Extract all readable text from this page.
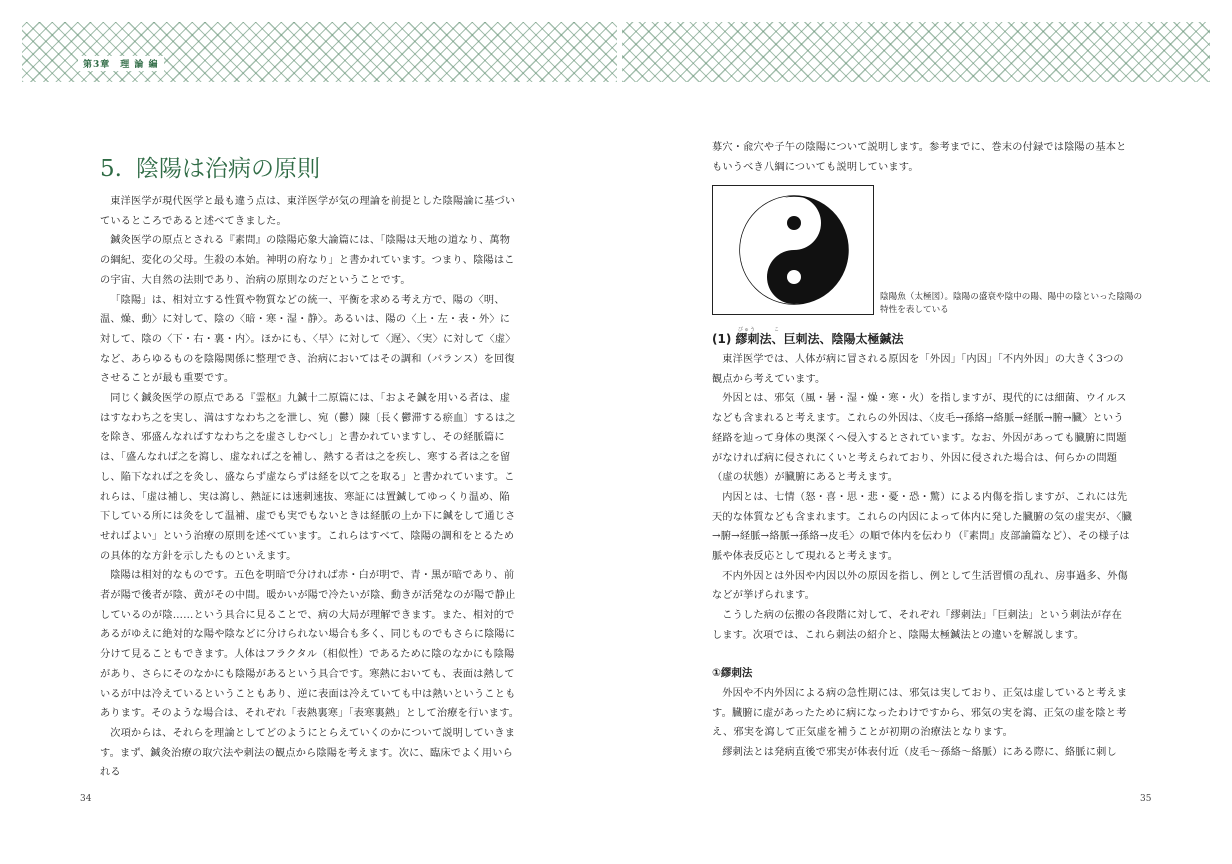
第3章　理 論 編
5. 陰陽は治病の原則

東洋医学が現代医学と最も違う点は、東洋医学が気の理論を前提とした陰陽論に基づいているところであると述べてきました。

鍼灸医学の原点とされる『素問』の陰陽応象大論篇には、「陰陽は天地の道なり、萬物の綱紀、変化の父母。生殺の本始。神明の府なり」と書かれています。つまり、陰陽はこの宇宙、大自然の法則であり、治病の原則なのだということです。

「陰陽」は、相対立する性質や物質などの統一、平衡を求める考え方で、陽の〈明、温、燥、動〉に対して、陰の〈暗・寒・湿・静〉。あるいは、陽の〈上・左・表・外〉に対して、陰の〈下・右・裏・内〉。ほかにも、〈早〉に対して〈遅〉、〈実〉に対して〈虚〉など、あらゆるものを陰陽関係に整理でき、治病においてはその調和（バランス）を回復させることが最も重要です。

同じく鍼灸医学の原点である『霊枢』九鍼十二原篇には、「およそ鍼を用いる者は、虚はすなわち之を実し、満はすなわち之を泄し、宛（鬱）陳〔長く鬱滞する瘀血〕するは之を除き、邪盛んなればすなわち之を虚さしむべし」と書かれていますし、その経脈篇には、「盛んなれば之を瀉し、虚なれば之を補し、熱する者は之を疾し、寒する者は之を留し、陥下なれば之を灸し、盛ならず虚ならずは経を以て之を取る」と書かれています。これらは、「虚は補し、実は瀉し、熱証には速刺速抜、寒証には置鍼してゆっくり温め、陥下している所には灸をして温補、虚でも実でもないときは経脈の上か下に鍼をして通じさせればよい」という治療の原則を述べています。これらはすべて、陰陽の調和をとるための具体的な方針を示したものといえます。

陰陽は相対的なものです。五色を明暗で分ければ赤・白が明で、青・黒が暗であり、前者が陽で後者が陰、黄がその中間。暖かいが陽で冷たいが陰、動きが活発なのが陽で静止しているのが陰……という具合に見ることで、病の大局が理解できます。また、相対的であるがゆえに絶対的な陽や陰などに分けられない場合も多く、同じものでもさらに陰陽に分けて見ることもできます。人体はフラクタル（相似性）であるために陰のなかにも陰陽があり、さらにそのなかにも陰陽があるという具合です。寒熱においても、表面は熱しているが中は冷えているということもあり、逆に表面は冷えていても中は熱いということもあります。そのような場合は、それぞれ「表熱裏寒」「表寒裏熱」として治療を行います。

次項からは、それらを理論としてどのようにとらえていくのかについて説明していきます。まず、鍼灸治療の取穴法や刺法の観点から陰陽を考えます。次に、臨床でよく用いられる

募穴・兪穴や子午の陰陽について説明します。参考までに、巻末の付録では陰陽の基本ともいうべき八綱についても説明しています。

陰陽魚（太極図）。陰陽の盛衰や陰中の陽、陽中の陰といった陰陽の特性を表している
びゅう　　　こ
(1) 繆刺法、巨刺法、陰陽太極鍼法

東洋医学では、人体が病に冒される原因を「外因」「内因」「不内外因」の大きく3つの観点から考えています。

外因とは、邪気（風・暑・湿・燥・寒・火）を指しますが、現代的には細菌、ウイルスなども含まれると考えます。これらの外因は、〈皮毛→孫絡→絡脈→経脈→腑→臓〉という経路を辿って身体の奥深くへ侵入するとされています。なお、外因があっても臓腑に問題がなければ病に侵されにくいと考えられており、外因に侵された場合は、何らかの問題（虚の状態）が臓腑にあると考えます。

内因とは、七情（怒・喜・思・悲・憂・恐・驚）による内傷を指しますが、これには先天的な体質なども含まれます。これらの内因によって体内に発した臓腑の気の虚実が、〈臓→腑→経脈→絡脈→孫絡→皮毛〉の順で体内を伝わり（『素問』皮部論篇など）、その様子は脈や体表反応として現れると考えます。

不内外因とは外因や内因以外の原因を指し、例として生活習慣の乱れ、房事過多、外傷などが挙げられます。

こうした病の伝搬の各段階に対して、それぞれ「繆刺法」「巨刺法」という刺法が存在します。次項では、これら刺法の紹介と、陰陽太極鍼法との違いを解説します。

①繆刺法

外因や不内外因による病の急性期には、邪気は実しており、正気は虚していると考えます。臓腑に虚があったために病になったわけですから、邪気の実を瀉、正気の虚を陰と考え、邪実を瀉して正気虚を補うことが初期の治療法となります。

繆刺法とは発病直後で邪実が体表付近（皮毛～孫絡～絡脈）にある際に、絡脈に刺し

34	35
